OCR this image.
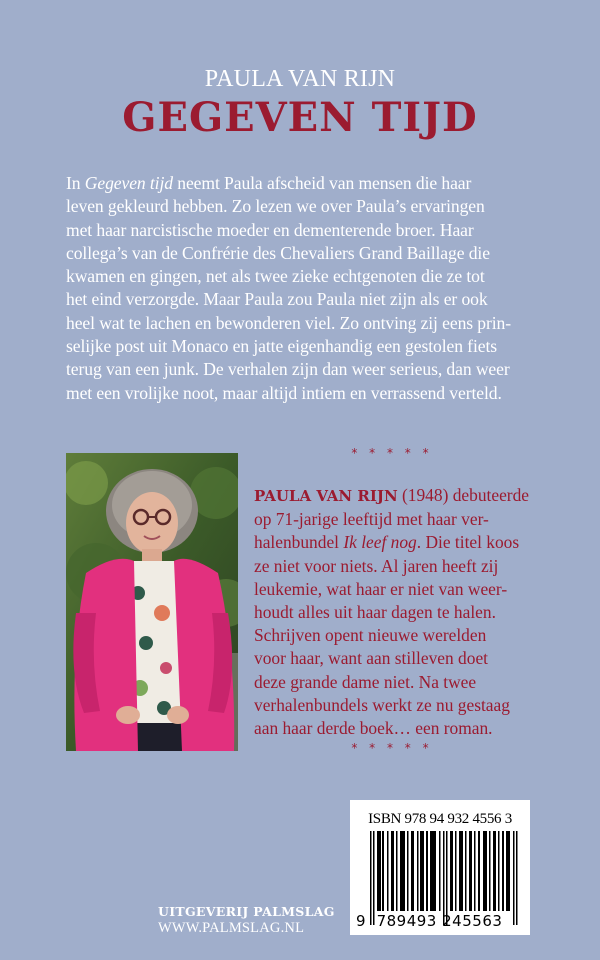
PAULA VAN RIJN
GEGEVEN TIJD
In Gegeven tijd neemt Paula afscheid van mensen die haar
leven gekleurd hebben. Zo lezen we over Paula’s ervaringen
met haar narcistische moeder en dementerende broer. Haar
collega’s van de Confrérie des Chevaliers Grand Baillage die
kwamen en gingen, net als twee zieke echtgenoten die ze tot
het eind verzorgde. Maar Paula zou Paula niet zijn als er ook
heel wat te lachen en bewonderen viel. Zo ontving zij eens prin-
selijke post uit Monaco en jatte eigenhandig een gestolen fiets
terug van een junk. De verhalen zijn dan weer serieus, dan weer
met een vrolijke noot, maar altijd intiem en verrassend verteld.
* * * * *
PAULA VAN RIJN (1948) debuteerde
op 71-jarige leeftijd met haar ver-
halenbundel Ik leef nog. Die titel koos
ze niet voor niets. Al jaren heeft zij
leukemie, wat haar er niet van weer-
houdt alles uit haar dagen te halen.
Schrijven opent nieuwe werelden
voor haar, want aan stilleven doet
deze grande dame niet. Na twee
verhalenbundels werkt ze nu gestaag
aan haar derde boek… een roman.
* * * * *
ISBN 978 94 932 4556 3
9 789493 245563
UITGEVERIJ PALMSLAG
WWW.PALMSLAG.NL
